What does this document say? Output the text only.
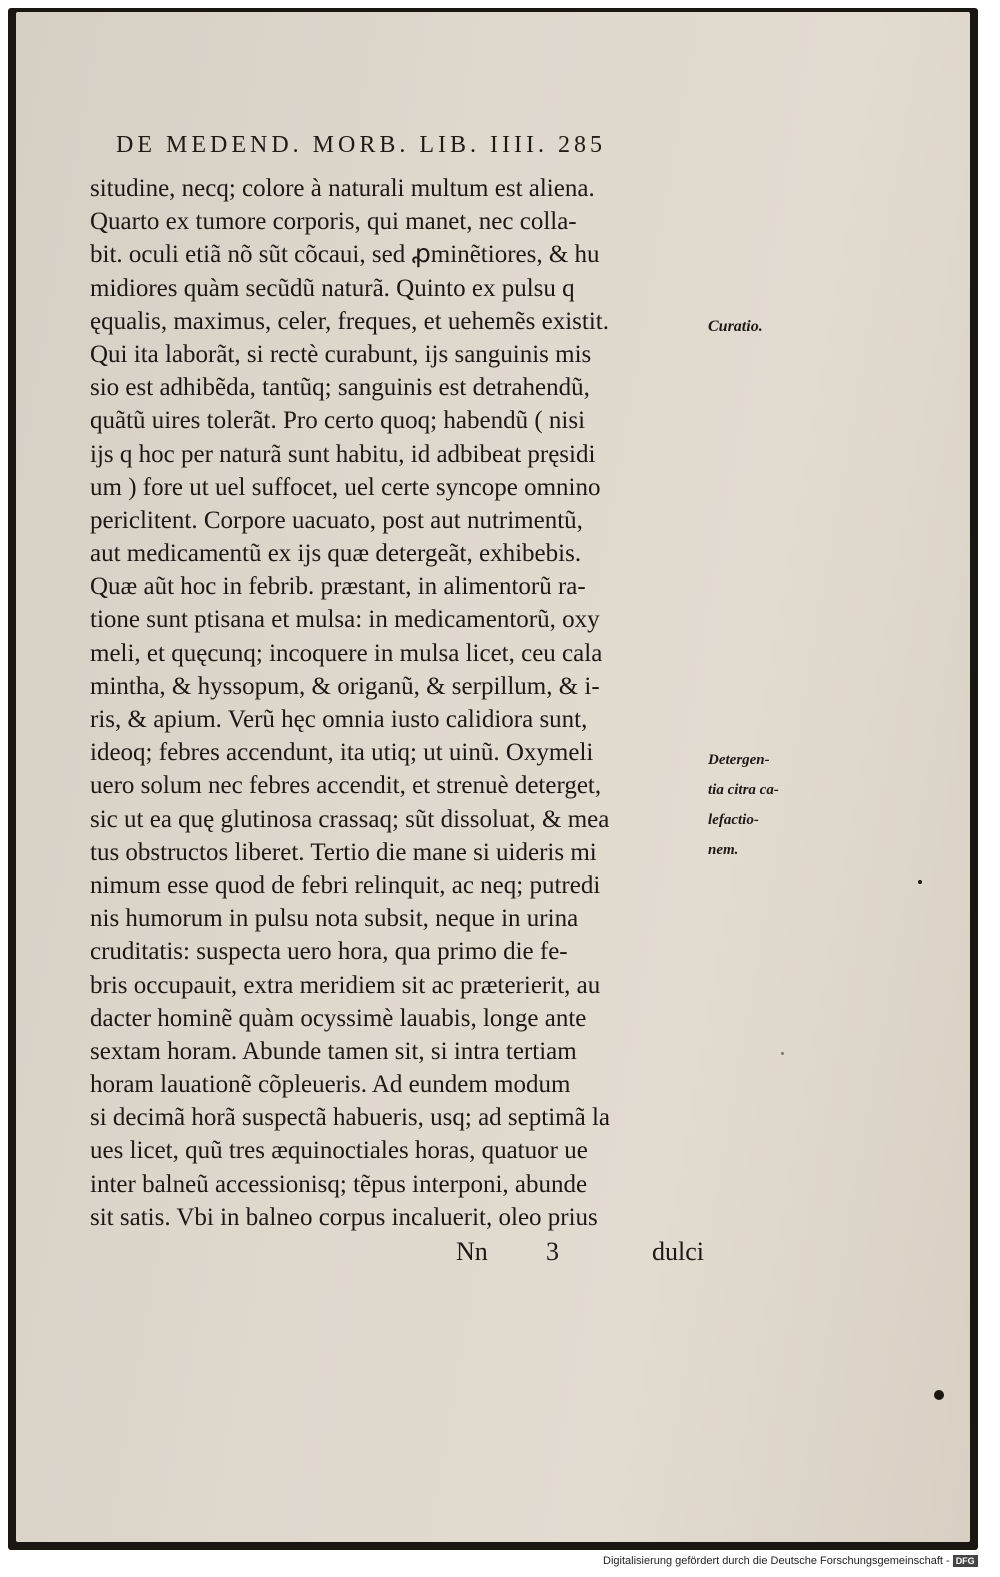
DE MEDEND. MORB. LIB. IIII. 285
situdine, necq; colore à naturali multum est aliena.
Quarto ex tumore corporis, qui manet, nec colla-
bit. oculi etiã nõ sũt cõcaui, sed ꝓminẽtiores, & hu
midiores quàm secũdũ naturã. Quinto ex pulsu q
ęqualis, maximus, celer, freques, et uehemẽs existit.
Qui ita laborãt, si rectè curabunt, ijs sanguinis mis
sio est adhibẽda, tantũq; sanguinis est detrahendũ,
quãtũ uires tolerãt. Pro certo quoq; habendũ ( nisi
ijs q hoc per naturã sunt habitu, id adbibeat pręsidi
um ) fore ut uel suffocet, uel certe syncope omnino
periclitent. Corpore uacuato, post aut nutrimentũ,
aut medicamentũ ex ijs quæ detergeãt, exhibebis.
Quæ aũt hoc in febrib. præstant, in alimentorũ ra-
tione sunt ptisana et mulsa: in medicamentorũ, oxy
meli, et quęcunq; incoquere in mulsa licet, ceu cala
mintha, & hyssopum, & origanũ, & serpillum, & i-
ris, & apium. Verũ hęc omnia iusto calidiora sunt,
ideoq; febres accendunt, ita utiq; ut uinũ. Oxymeli
uero solum nec febres accendit, et strenuè deterget,
sic ut ea quę glutinosa crassaq; sũt dissoluat, & mea
tus obstructos liberet. Tertio die mane si uideris mi
nimum esse quod de febri relinquit, ac neq; putredi
nis humorum in pulsu nota subsit, neque in urina
cruditatis: suspecta uero hora, qua primo die fe-
bris occupauit, extra meridiem sit ac præterierit, au
dacter hominẽ quàm ocyssimè lauabis, longe ante
sextam horam. Abunde tamen sit, si intra tertiam
horam lauationẽ cõpleueris. Ad eundem modum
si decimã horã suspectã habueris, usq; ad septimã la
ues licet, quũ tres æquinoctiales horas, quatuor ue
inter balneũ accessionisq; tẽpus interponi, abunde
sit satis. Vbi in balneo corpus incaluerit, oleo prius
Curatio.
Detergen-
tia citra ca-
lefactio-
nem.
Nn 3	dulci
Digitalisierung gefördert durch die Deutsche Forschungsgemeinschaft - DFG
